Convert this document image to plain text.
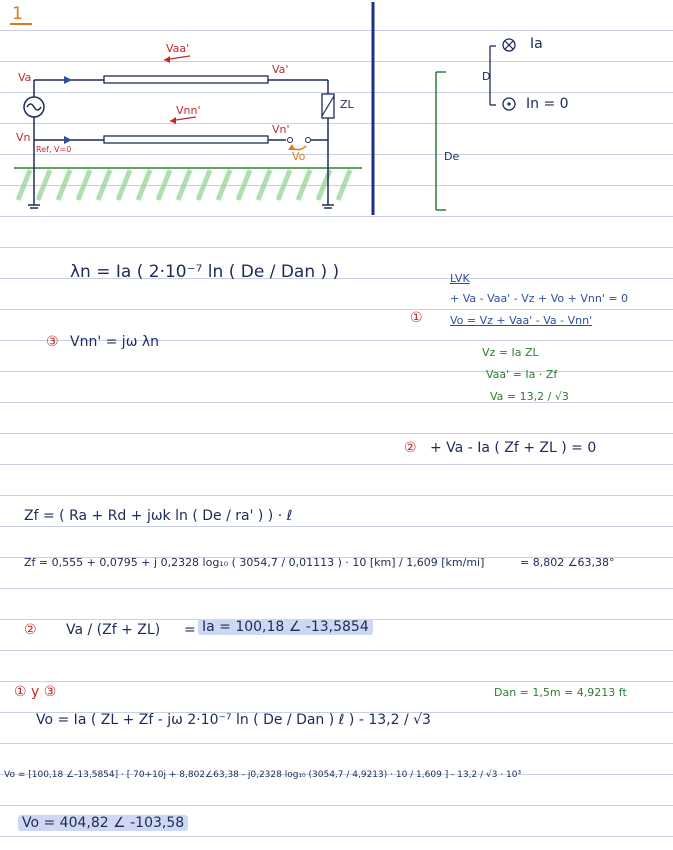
1
Va
Vn
Ref, V=0
Vaa'
Va'
Vnn'
Vn'
Vo
ZL
Ia
D
In = 0
De
λn = Ia ( 2·10⁻⁷ ln ( De / Dan ) )
③ Vnn' = jω λn
LVK
+ Va - Vaa' - Vz + Vo + Vnn' = 0
① Vo = Vz + Vaa' - Va - Vnn'
Vz = Ia ZL
Vaa' = Ia · Zf
Va = 13,2 / √3
② + Va - Ia ( Zf + ZL ) = 0
Zf = ( Ra + Rd + jωk ln ( De / ra' ) ) · ℓ
Zf = 0,555 + 0,0795 + j 0,2328 log₁₀ ( 3054,7 / 0,01113 ) · 10 [km] / 1,609 [km/mi]	= 8,802 ∠63,38°
② Va / (Zf + ZL) = Ia = 100,18 ∠ -13,5854
Dan = 1,5m = 4,9213 ft
① y ③
Vo = Ia ( ZL + Zf - jω 2·10⁻⁷ ln ( De / Dan ) ℓ ) - 13,2 / √3
Vo = [100,18 ∠-13,5854] · [ 70+10j + 8,802∠63,38 - j0,2328 log₁₀ (3054,7 / 4,9213) · 10 / 1,609 ] - 13,2 / √3 · 10³
Vo = 404,82 ∠ -103,58
